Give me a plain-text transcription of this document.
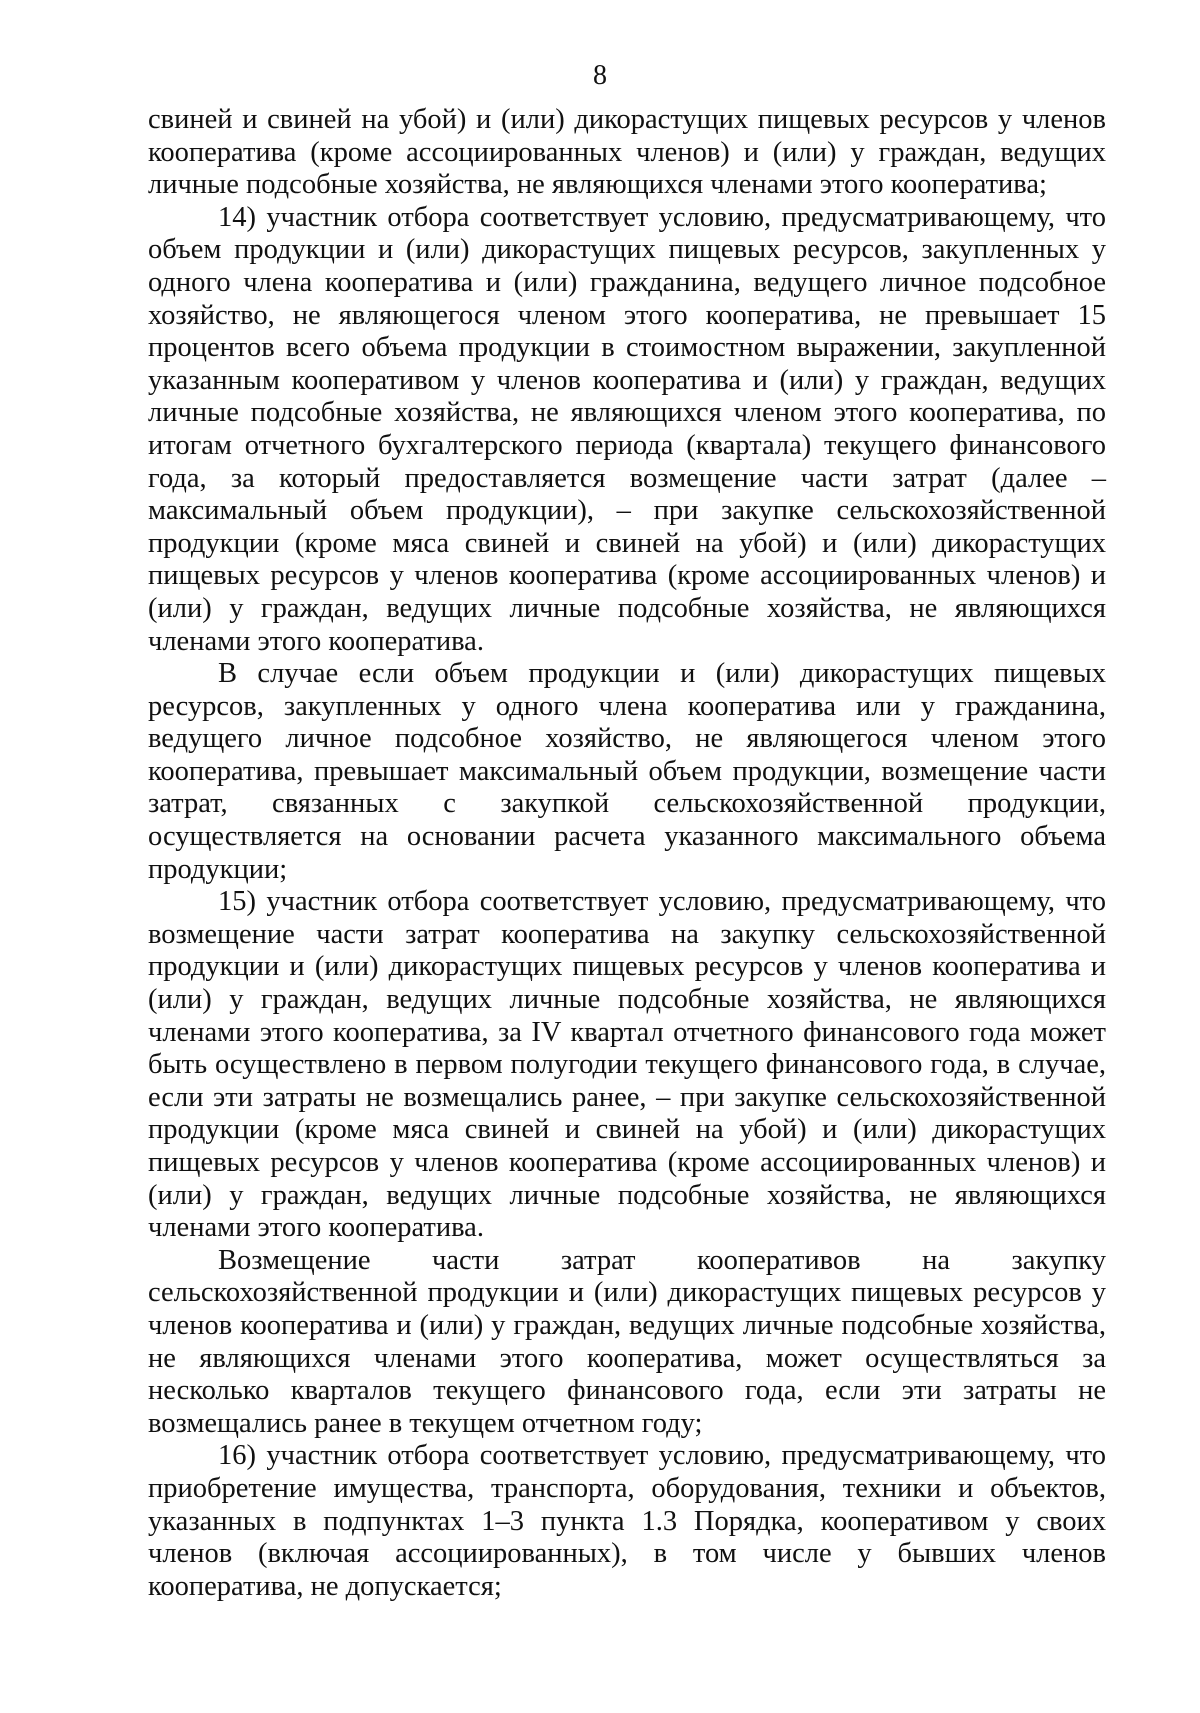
8

свиней и свиней на убой) и (или) дикорастущих пищевых ресурсов у членов кооператива (кроме ассоциированных членов) и (или) у граждан, ведущих личные подсобные хозяйства, не являющихся членами этого кооператива;

14) участник отбора соответствует условию, предусматривающему, что объем продукции и (или) дикорастущих пищевых ресурсов, закупленных у одного члена кооператива и (или) гражданина, ведущего личное подсобное хозяйство, не являющегося членом этого кооператива, не превышает 15 процентов всего объема продукции в стоимостном выражении, закупленной указанным кооперативом у членов кооператива и (или) у граждан, ведущих личные подсобные хозяйства, не являющихся членом этого кооператива, по итогам отчетного бухгалтерского периода (квартала) текущего финансового года, за который предоставляется возмещение части затрат (далее – максимальный объем продукции), – при закупке сельскохозяйственной продукции (кроме мяса свиней и свиней на убой) и (или) дикорастущих пищевых ресурсов у членов кооператива (кроме ассоциированных членов) и (или) у граждан, ведущих личные подсобные хозяйства, не являющихся членами этого кооператива.

В случае если объем продукции и (или) дикорастущих пищевых ресурсов, закупленных у одного члена кооператива или у гражданина, ведущего личное подсобное хозяйство, не являющегося членом этого кооператива, превышает максимальный объем продукции, возмещение части затрат, связанных с закупкой сельскохозяйственной продукции, осуществляется на основании расчета указанного максимального объема продукции;

15) участник отбора соответствует условию, предусматривающему, что возмещение части затрат кооператива на закупку сельскохозяйственной продукции и (или) дикорастущих пищевых ресурсов у членов кооператива и (или) у граждан, ведущих личные подсобные хозяйства, не являющихся членами этого кооператива, за IV квартал отчетного финансового года может быть осуществлено в первом полугодии текущего финансового года, в случае, если эти затраты не возмещались ранее, – при закупке сельскохозяйственной продукции (кроме мяса свиней и свиней на убой) и (или) дикорастущих пищевых ресурсов у членов кооператива (кроме ассоциированных членов) и (или) у граждан, ведущих личные подсобные хозяйства, не являющихся членами этого кооператива.

Возмещение части затрат кооперативов на закупку сельскохозяйственной продукции и (или) дикорастущих пищевых ресурсов у членов кооператива и (или) у граждан, ведущих личные подсобные хозяйства, не являющихся членами этого кооператива, может осуществляться за несколько кварталов текущего финансового года, если эти затраты не возмещались ранее в текущем отчетном году;

16) участник отбора соответствует условию, предусматривающему, что приобретение имущества, транспорта, оборудования, техники и объектов, указанных в подпунктах 1–3 пункта 1.3 Порядка, кооперативом у своих членов (включая ассоциированных), в том числе у бывших членов кооператива, не допускается;
